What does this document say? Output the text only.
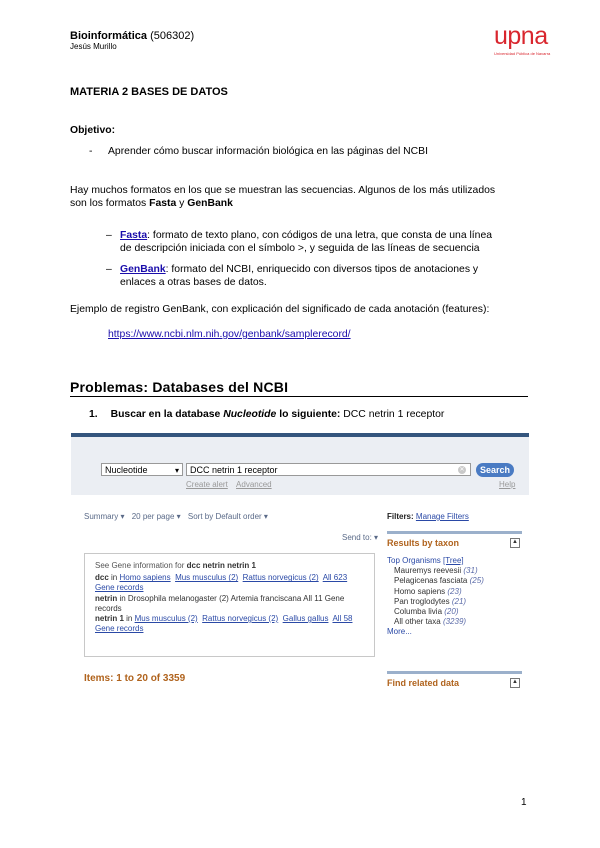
Bioinformática (506302)
Jesús Murillo	upna
Universidad Pública de Navarra
MATERIA 2 BASES DE DATOS
Objetivo:
- Aprender cómo buscar información biológica en las páginas del NCBI
Hay muchos formatos en los que se muestran las secuencias. Algunos de los más utilizados
son los formatos Fasta y GenBank
– Fasta: formato de texto plano, con códigos de una letra, que consta de una línea
de descripción iniciada con el símbolo >, y seguida de las líneas de secuencia
– GenBank: formato del NCBI, enriquecido con diversos tipos de anotaciones y
enlaces a otras bases de datos.
Ejemplo de registro GenBank, con explicación del significado de cada anotación (features):
https://www.ncbi.nlm.nih.gov/genbank/samplerecord/
Problemas: Databases del NCBI
1. Buscar en la database Nucleotide lo siguiente: DCC netrin 1 receptor
Nucleotide	▾	DCC netrin 1 receptor	✕	Search
Create alert Advanced	Help
Summary ▾ 20 per page ▾ Sort by Default order ▾
Send to: ▾
See Gene information for dcc netrin netrin 1
dcc in Homo sapiens Mus musculus (2) Rattus norvegicus (2) All 623 Gene records
netrin in Drosophila melanogaster (2) Artemia franciscana All 11 Gene records
netrin 1 in Mus musculus (2) Rattus norvegicus (2) Gallus gallus All 58 Gene records
Items: 1 to 20 of 3359
Filters: Manage Filters
Results by taxon	▲
Top Organisms [Tree]
Mauremys reevesii (31)
Pelagicenas fasciata (25)
Homo sapiens (23)
Pan troglodytes (21)
Columba livia (20)
All other taxa (3239)
More...
Find related data	▲
1
